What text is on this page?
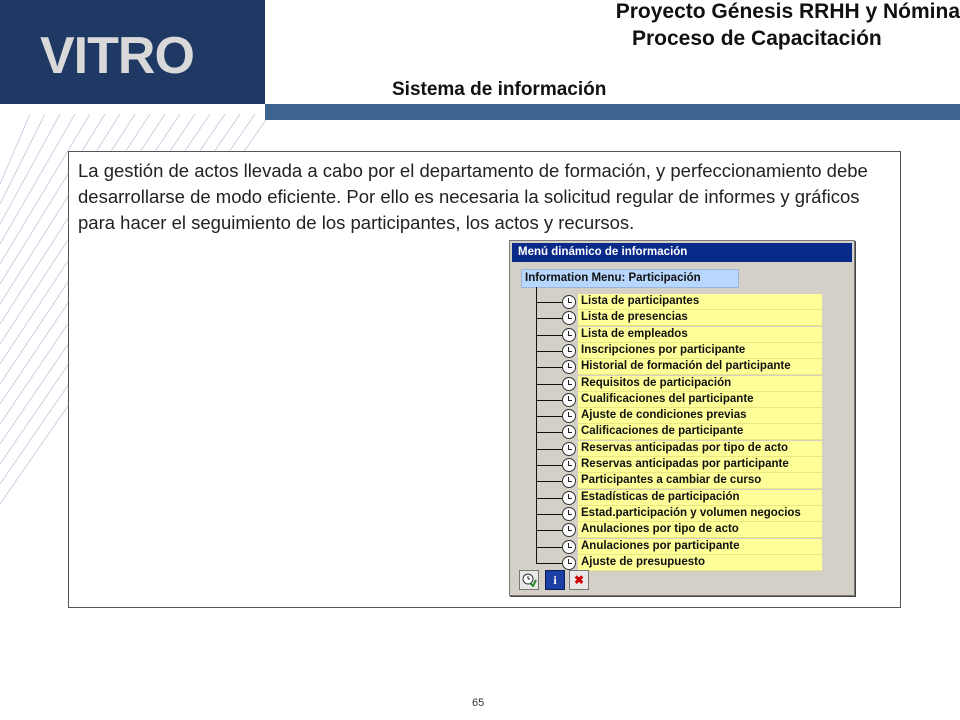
VITRO
Proyecto Génesis RRHH y Nómina
Proceso de Capacitación
Sistema de información
La gestión de actos llevada a cabo por el departamento de formación, y perfeccionamiento debe desarrollarse de modo eficiente. Por ello es necesaria la solicitud regular de informes y gráficos para hacer el seguimiento de los participantes, los actos y recursos.
Menú dinámico de información
Information Menu: Participación
Lista de participantes
Lista de presencias
Lista de empleados
Inscripciones por participante
Historial de formación del participante
Requisitos de participación
Cualificaciones del participante
Ajuste de condiciones previas
Calificaciones de participante
Reservas anticipadas por tipo de acto
Reservas anticipadas por participante
Participantes a cambiar de curso
Estadísticas de participación
Estad.participación y volumen negocios
Anulaciones por tipo de acto
Anulaciones por participante
Ajuste de presupuesto
i	✖
65
